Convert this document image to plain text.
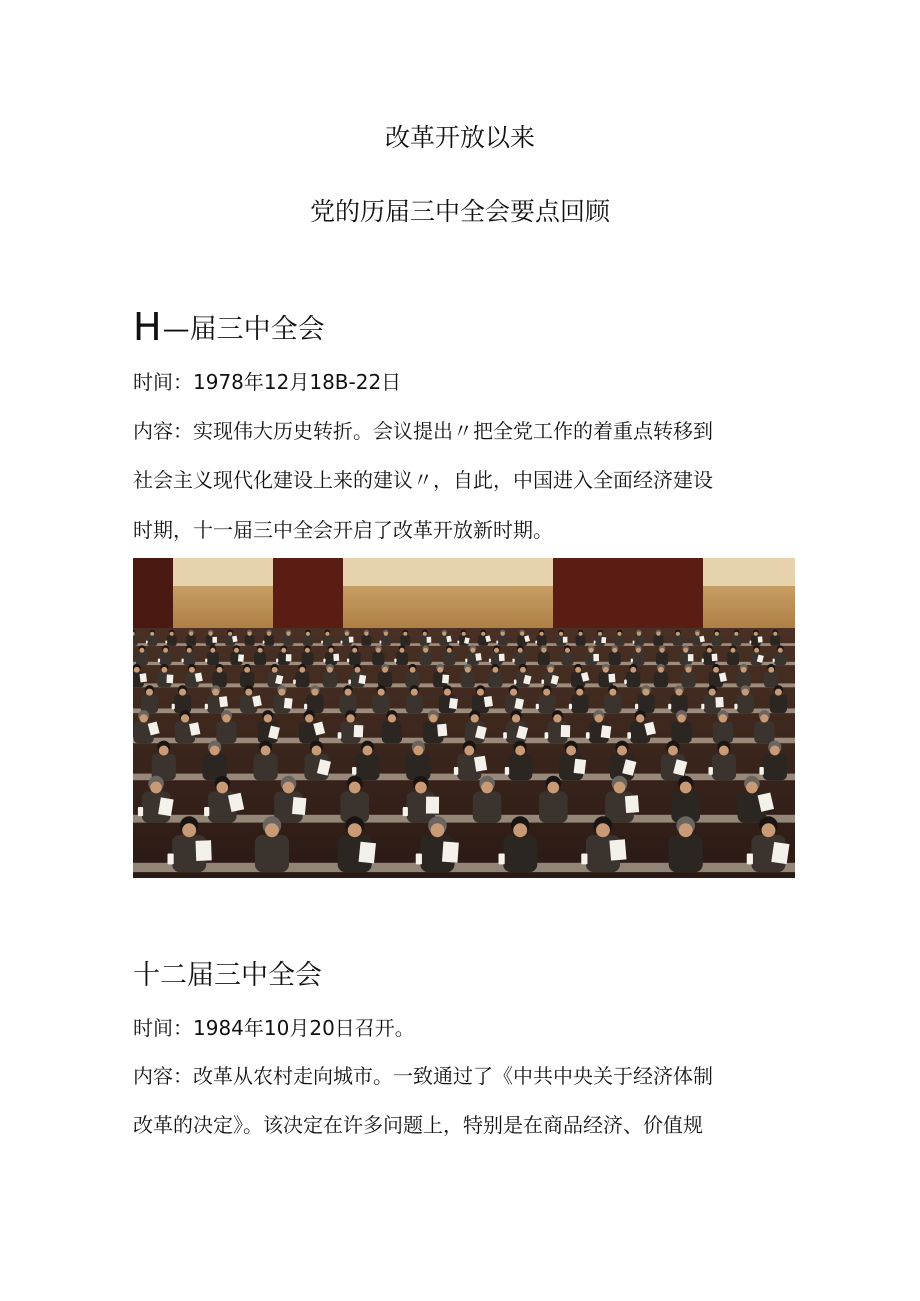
改革开放以来
党的历届三中全会要点回顾
H—届三中全会
时间：1978年12月18B-22日
内容：实现伟大历史转折。会议提出〃把全党工作的着重点转移到
社会主义现代化建设上来的建议〃，自此，中国进入全面经济建设
时期，十一届三中全会开启了改革开放新时期。
十二届三中全会
时间：1984年10月20日召开。
内容：改革从农村走向城市。一致通过了《中共中央关于经济体制
改革的决定》。该决定在许多问题上，特别是在商品经济、价值规
